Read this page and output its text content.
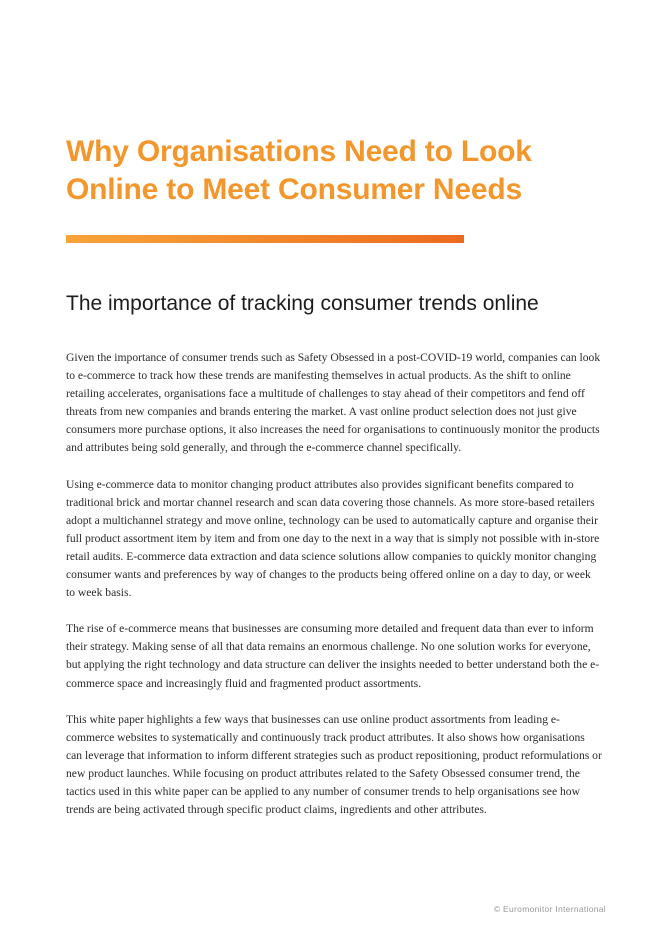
Why Organisations Need to Look Online to Meet Consumer Needs
The importance of tracking consumer trends online

Given the importance of consumer trends such as Safety Obsessed in a post-COVID-19 world, companies can look to e-commerce to track how these trends are manifesting themselves in actual products. As the shift to online retailing accelerates, organisations face a multitude of challenges to stay ahead of their competitors and fend off threats from new companies and brands entering the market. A vast online product selection does not just give consumers more purchase options, it also increases the need for organisations to continuously monitor the products and attributes being sold generally, and through the e-commerce channel specifically.

Using e-commerce data to monitor changing product attributes also provides significant benefits compared to traditional brick and mortar channel research and scan data covering those channels. As more store-based retailers adopt a multichannel strategy and move online, technology can be used to automatically capture and organise their full product assortment item by item and from one day to the next in a way that is simply not possible with in-store retail audits. E-commerce data extraction and data science solutions allow companies to quickly monitor changing consumer wants and preferences by way of changes to the products being offered online on a day to day, or week to week basis.

The rise of e-commerce means that businesses are consuming more detailed and frequent data than ever to inform their strategy. Making sense of all that data remains an enormous challenge. No one solution works for everyone, but applying the right technology and data structure can deliver the insights needed to better understand both the e-commerce space and increasingly fluid and fragmented product assortments.

This white paper highlights a few ways that businesses can use online product assortments from leading e-commerce websites to systematically and continuously track product attributes. It also shows how organisations can leverage that information to inform different strategies such as product repositioning, product reformulations or new product launches. While focusing on product attributes related to the Safety Obsessed consumer trend, the tactics used in this white paper can be applied to any number of consumer trends to help organisations see how trends are being activated through specific product claims, ingredients and other attributes.

© Euromonitor International
